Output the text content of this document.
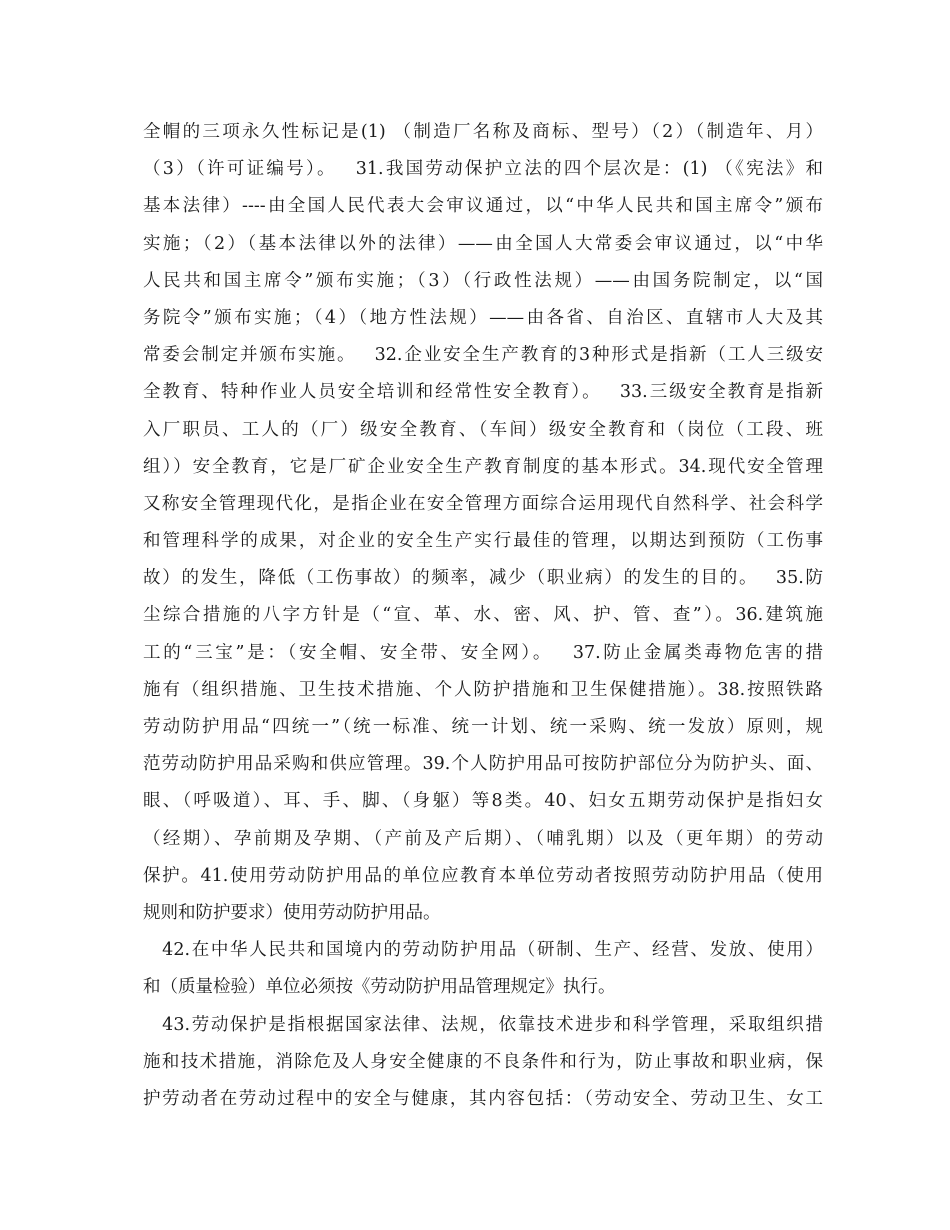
全帽的三项永久性标记是(1) （制造厂名称及商标、型号）（2）（制造年、月）
（3）（许可证编号）。　 31.我国劳动保护立法的四个层次是：(1) （《宪法》和
基本法律）----由全国人民代表大会审议通过，以“中华人民共和国主席令”颁布
实施；（2）（基本法律以外的法律）——由全国人大常委会审议通过，以“中华
人民共和国主席令”颁布实施；（3）（行政性法规）——由国务院制定，以“国
务院令”颁布实施；（4）（地方性法规）——由各省、自治区、直辖市人大及其
常委会制定并颁布实施。　 32.企业安全生产教育的3种形式是指新（工人三级安
全教育、特种作业人员安全培训和经常性安全教育）。　 33.三级安全教育是指新
入厂职员、工人的（厂）级安全教育、（车间）级安全教育和（岗位（工段、班
组））安全教育，它是厂矿企业安全生产教育制度的基本形式。34.现代安全管理
又称安全管理现代化，是指企业在安全管理方面综合运用现代自然科学、社会科学
和管理科学的成果，对企业的安全生产实行最佳的管理，以期达到预防（工伤事
故）的发生，降低（工伤事故）的频率，减少（职业病）的发生的目的。　 35.防
尘综合措施的八字方针是（“宣、革、水、密、风、护、管、查”）。36.建筑施
工的“三宝”是：（安全帽、安全带、安全网）。　 37.防止金属类毒物危害的措
施有（组织措施、卫生技术措施、个人防护措施和卫生保健措施）。38.按照铁路
劳动防护用品“四统一”（统一标准、统一计划、统一采购、统一发放）原则，规
范劳动防护用品采购和供应管理。39.个人防护用品可按防护部位分为防护头、面、
眼、（呼吸道）、耳、手、脚、（身躯）等8类。40、妇女五期劳动保护是指妇女
（经期）、孕前期及孕期、（产前及产后期）、（哺乳期）以及（更年期）的劳动
保护。41.使用劳动防护用品的单位应教育本单位劳动者按照劳动防护用品（使用
规则和防护要求）使用劳动防护用品。
　42.在中华人民共和国境内的劳动防护用品（研制、生产、经营、发放、使用）
和（质量检验）单位必须按《劳动防护用品管理规定》执行。
　43.劳动保护是指根据国家法律、法规，依靠技术进步和科学管理，采取组织措
施和技术措施，消除危及人身安全健康的不良条件和行为，防止事故和职业病，保
护劳动者在劳动过程中的安全与健康，其内容包括：（劳动安全、劳动卫生、女工
